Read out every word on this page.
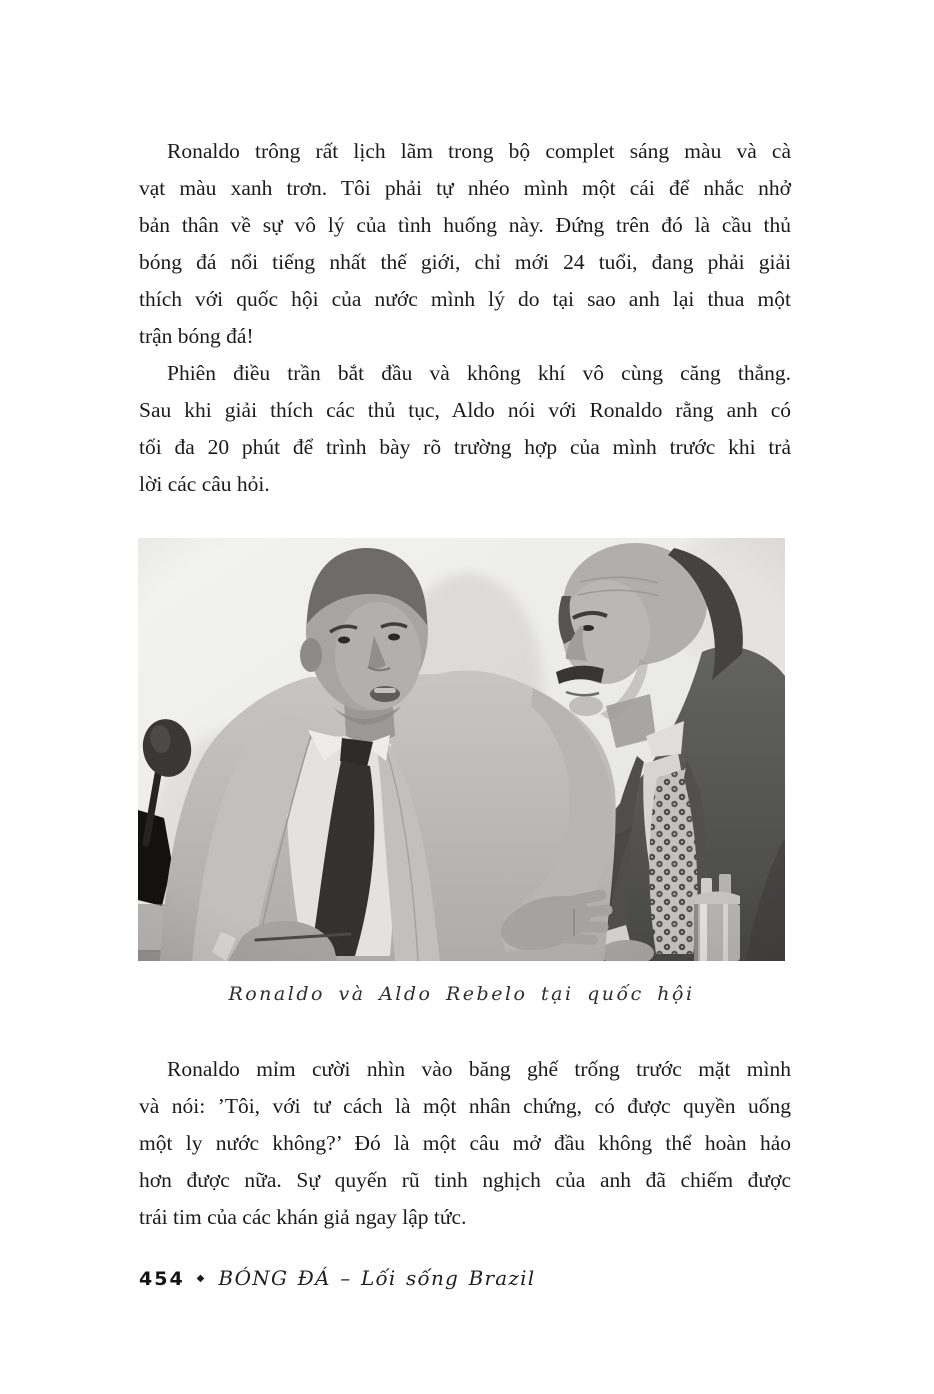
Ronaldo trông rất lịch lãm trong bộ complet sáng màu và cà
vạt màu xanh trơn. Tôi phải tự nhéo mình một cái để nhắc nhở
bản thân về sự vô lý của tình huống này. Đứng trên đó là cầu thủ
bóng đá nổi tiếng nhất thế giới, chỉ mới 24 tuổi, đang phải giải
thích với quốc hội của nước mình lý do tại sao anh lại thua một
trận bóng đá!
Phiên điều trần bắt đầu và không khí vô cùng căng thẳng.
Sau khi giải thích các thủ tục, Aldo nói với Ronaldo rằng anh có
tối đa 20 phút để trình bày rõ trường hợp của mình trước khi trả
lời các câu hỏi.
Ronaldo và Aldo Rebelo tại quốc hội
Ronaldo mỉm cười nhìn vào băng ghế trống trước mặt mình
và nói: ’Tôi, với tư cách là một nhân chứng, có được quyền uống
một ly nước không?’ Đó là một câu mở đầu không thể hoàn hảo
hơn được nữa. Sự quyến rũ tinh nghịch của anh đã chiếm được
trái tim của các khán giả ngay lập tức.
454 ◆ BÓNG ĐÁ – Lối sống Brazil
